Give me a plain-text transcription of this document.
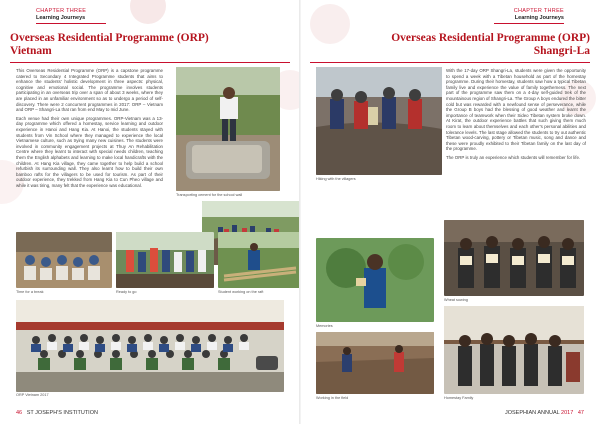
CHAPTER THREE
Learning Journeys
Overseas Residential Programme (ORP)
Vietnam

This Overseas Residential Programme (ORP) is a capstone programme catered to Secondary 4 Integrated Programme students that aims to enhance the students' holistic development in three aspects: physical, cognitive and emotional social. The programme involves students participating in an overseas trip over a span of about 3 weeks, where they are placed in an unfamiliar environment so as to undergo a period of self-discovery. There were 2 concurrent programmes in 2017: ORP – Vietnam and ORP – Shangri-La that ran from end May to mid June.

Each venue had their own unique programmes. ORP-Vietnam was a 13-day programme which offered a homestay, service learning and outdoor experience in Hanoi and Hang Kia. At Hanoi, the students stayed with students from Vin School where they managed to experience the local Vietnamese culture, such as trying many new cuisines. The students were involved in community engagement projects at Thuy An Rehabilitation Centre where they learnt to interact with special needs children, teaching them the English alphabets and learning to make local handicrafts with the children. At Hang Kia village, they came together to help build a school refurbish its surrounding wall. They also learnt how to build their own bamboo rafts for the villagers to be used for tourism. As part of their outdoor experience, they trekked from Hang Kia to Cun Pheo village and while it was tiring, many felt that the experience was educational.

Transporting cement for the school wall
Time for a break	Ready to go	Student working on the raft
ORP Vietnam 2017
46 ST JOSEPH'S INSTITUTION
CHAPTER THREE
Learning Journeys
Overseas Residential Programme (ORP)
Shangri-La
Hiking with the villagers

With the 17-day ORP Shangri-La, students were given the opportunity to spend a week with a Tibetan household as part of the homestay programme. During their homestay, students saw how a typical Tibetan family live and experience the value of family togetherness. The next part of the programme saw them on a 4-day self-guided trek of the mountainous region of Shangri-La. The Group A boys endured the bitter cold but was rewarded with a newfound sense of perseverance, while the Group B boys had the blessing of good weather and learnt the importance of teamwork when their Sideo Tibetan system broke down. At Kirat, the outdoor experience battles that such giving them much room to learn about themselves and each other's personal abilities and tolerance levels. The last stage allowed the students to try out authentic Tibetan wood-carving, pottery or Tibetan music, song and dance and these were proudly exhibited to their Tibetan family on the last day of the programme.

The ORP is truly an experience which students will remember for life.

Memories
Wheat sowing
Working in the field	Homestay Family
JOSEPHIAN ANNUAL 2017 47
